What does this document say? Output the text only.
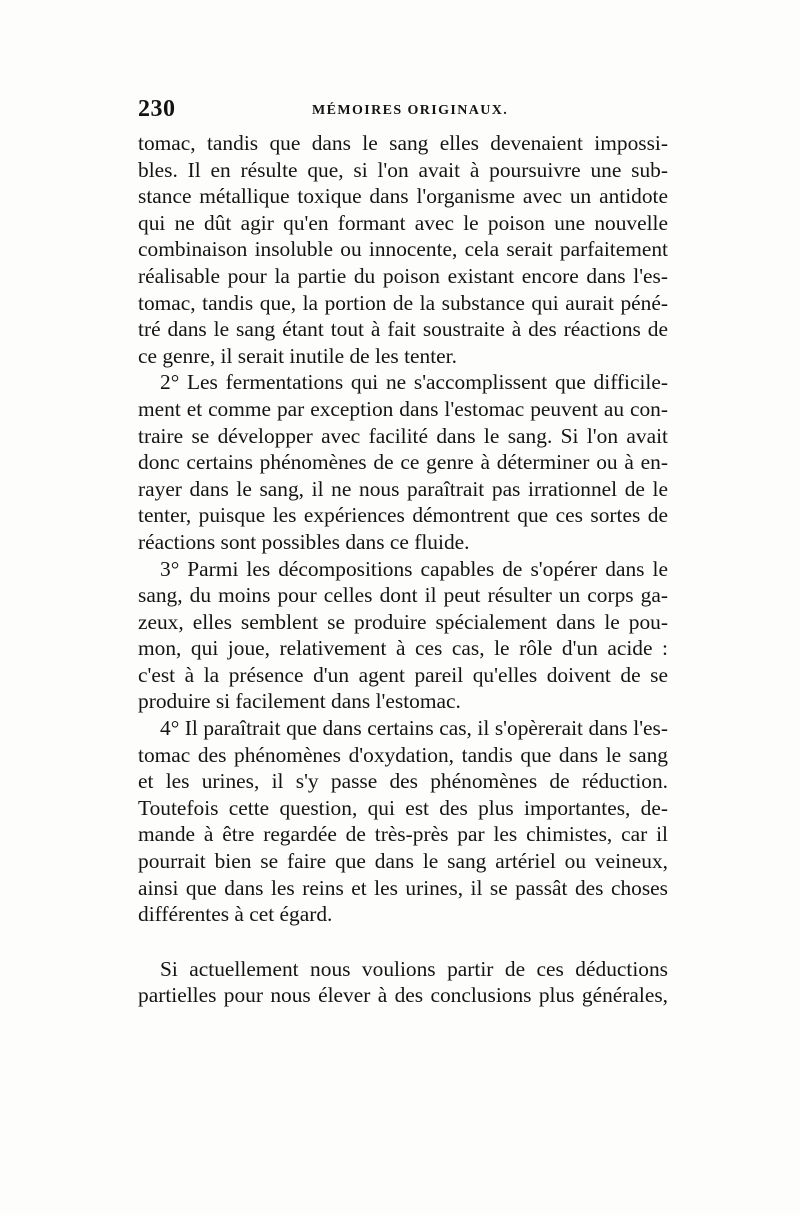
230	MÉMOIRES ORIGINAUX.
tomac, tandis que dans le sang elles devenaient impossi-
bles. Il en résulte que, si l'on avait à poursuivre une sub-
stance métallique toxique dans l'organisme avec un antidote
qui ne dût agir qu'en formant avec le poison une nouvelle
combinaison insoluble ou innocente, cela serait parfaitement
réalisable pour la partie du poison existant encore dans l'es-
tomac, tandis que, la portion de la substance qui aurait péné-
tré dans le sang étant tout à fait soustraite à des réactions de
ce genre, il serait inutile de les tenter.
2° Les fermentations qui ne s'accomplissent que difficile-
ment et comme par exception dans l'estomac peuvent au con-
traire se développer avec facilité dans le sang. Si l'on avait
donc certains phénomènes de ce genre à déterminer ou à en-
rayer dans le sang, il ne nous paraîtrait pas irrationnel de le
tenter, puisque les expériences démontrent que ces sortes de
réactions sont possibles dans ce fluide.
3° Parmi les décompositions capables de s'opérer dans le
sang, du moins pour celles dont il peut résulter un corps ga-
zeux, elles semblent se produire spécialement dans le pou-
mon, qui joue, relativement à ces cas, le rôle d'un acide :
c'est à la présence d'un agent pareil qu'elles doivent de se
produire si facilement dans l'estomac.
4° Il paraîtrait que dans certains cas, il s'opèrerait dans l'es-
tomac des phénomènes d'oxydation, tandis que dans le sang
et les urines, il s'y passe des phénomènes de réduction.
Toutefois cette question, qui est des plus importantes, de-
mande à être regardée de très-près par les chimistes, car il
pourrait bien se faire que dans le sang artériel ou veineux,
ainsi que dans les reins et les urines, il se passât des choses
différentes à cet égard.
Si actuellement nous voulions partir de ces déductions
partielles pour nous élever à des conclusions plus générales,
